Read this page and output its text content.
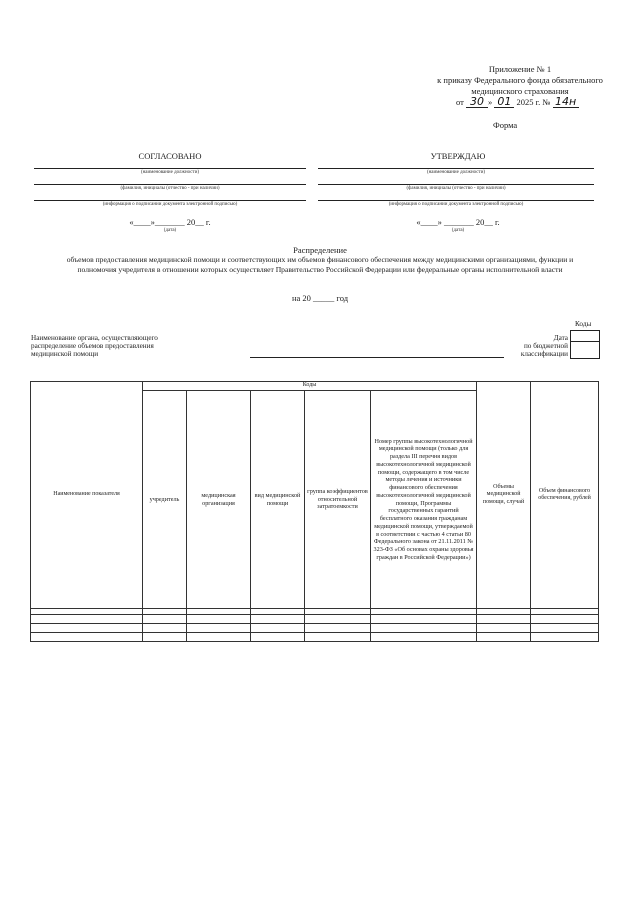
Приложение № 1
к приказу Федерального фонда обязательного
медицинского страхования
от 30 » 01 2025 г. № 14н
Форма
СОГЛАСОВАНО	УТВЕРЖДАЮ
(наименование должности)
(фамилия, инициалы (отчество - при наличии)
(информация о подписании документа электронной подписью)
«____»_______ 20__ г.
(дата)
(наименование должности)
(фамилия, инициалы (отчество - при наличии)
(информация о подписании документа электронной подписью)
«____» _______ 20__ г.
(дата)
Распределение
объемов предоставления медицинской помощи и соответствующих им объемов финансового обеспечения между медицинскими организациями, функции и
полномочия учредителя в отношении которых осуществляет Правительство Российской Федерации или федеральные органы исполнительной власти
на 20 _____ год
Наименование органа, осуществляющего
распределение объемов предоставления
медицинской помощи
Коды
Дата
по бюджетной
классификации
Наименование показателя	Коды					Объемы медицинской помощи, случай	Объем финансового обеспечения, рублей
	учредитель	медицинская организация	вид медицинской помощи	группа коэффициентов относительной затратоемкости	Номер группы высокотехнологичной медицинской помощи (только для раздела III перечня видов высокотехнологичной медицинской помощи, содержащего в том числе методы лечения и источники финансового обеспечения высокотехнологичной медицинской помощи, Программы государственных гарантий бесплатного оказания гражданам медицинской помощи, утверждаемой в соответствии с частью 4 статьи 80 Федерального закона от 21.11.2011 № 323-ФЗ «Об основах охраны здоровья граждан в Российской Федерации»)		
